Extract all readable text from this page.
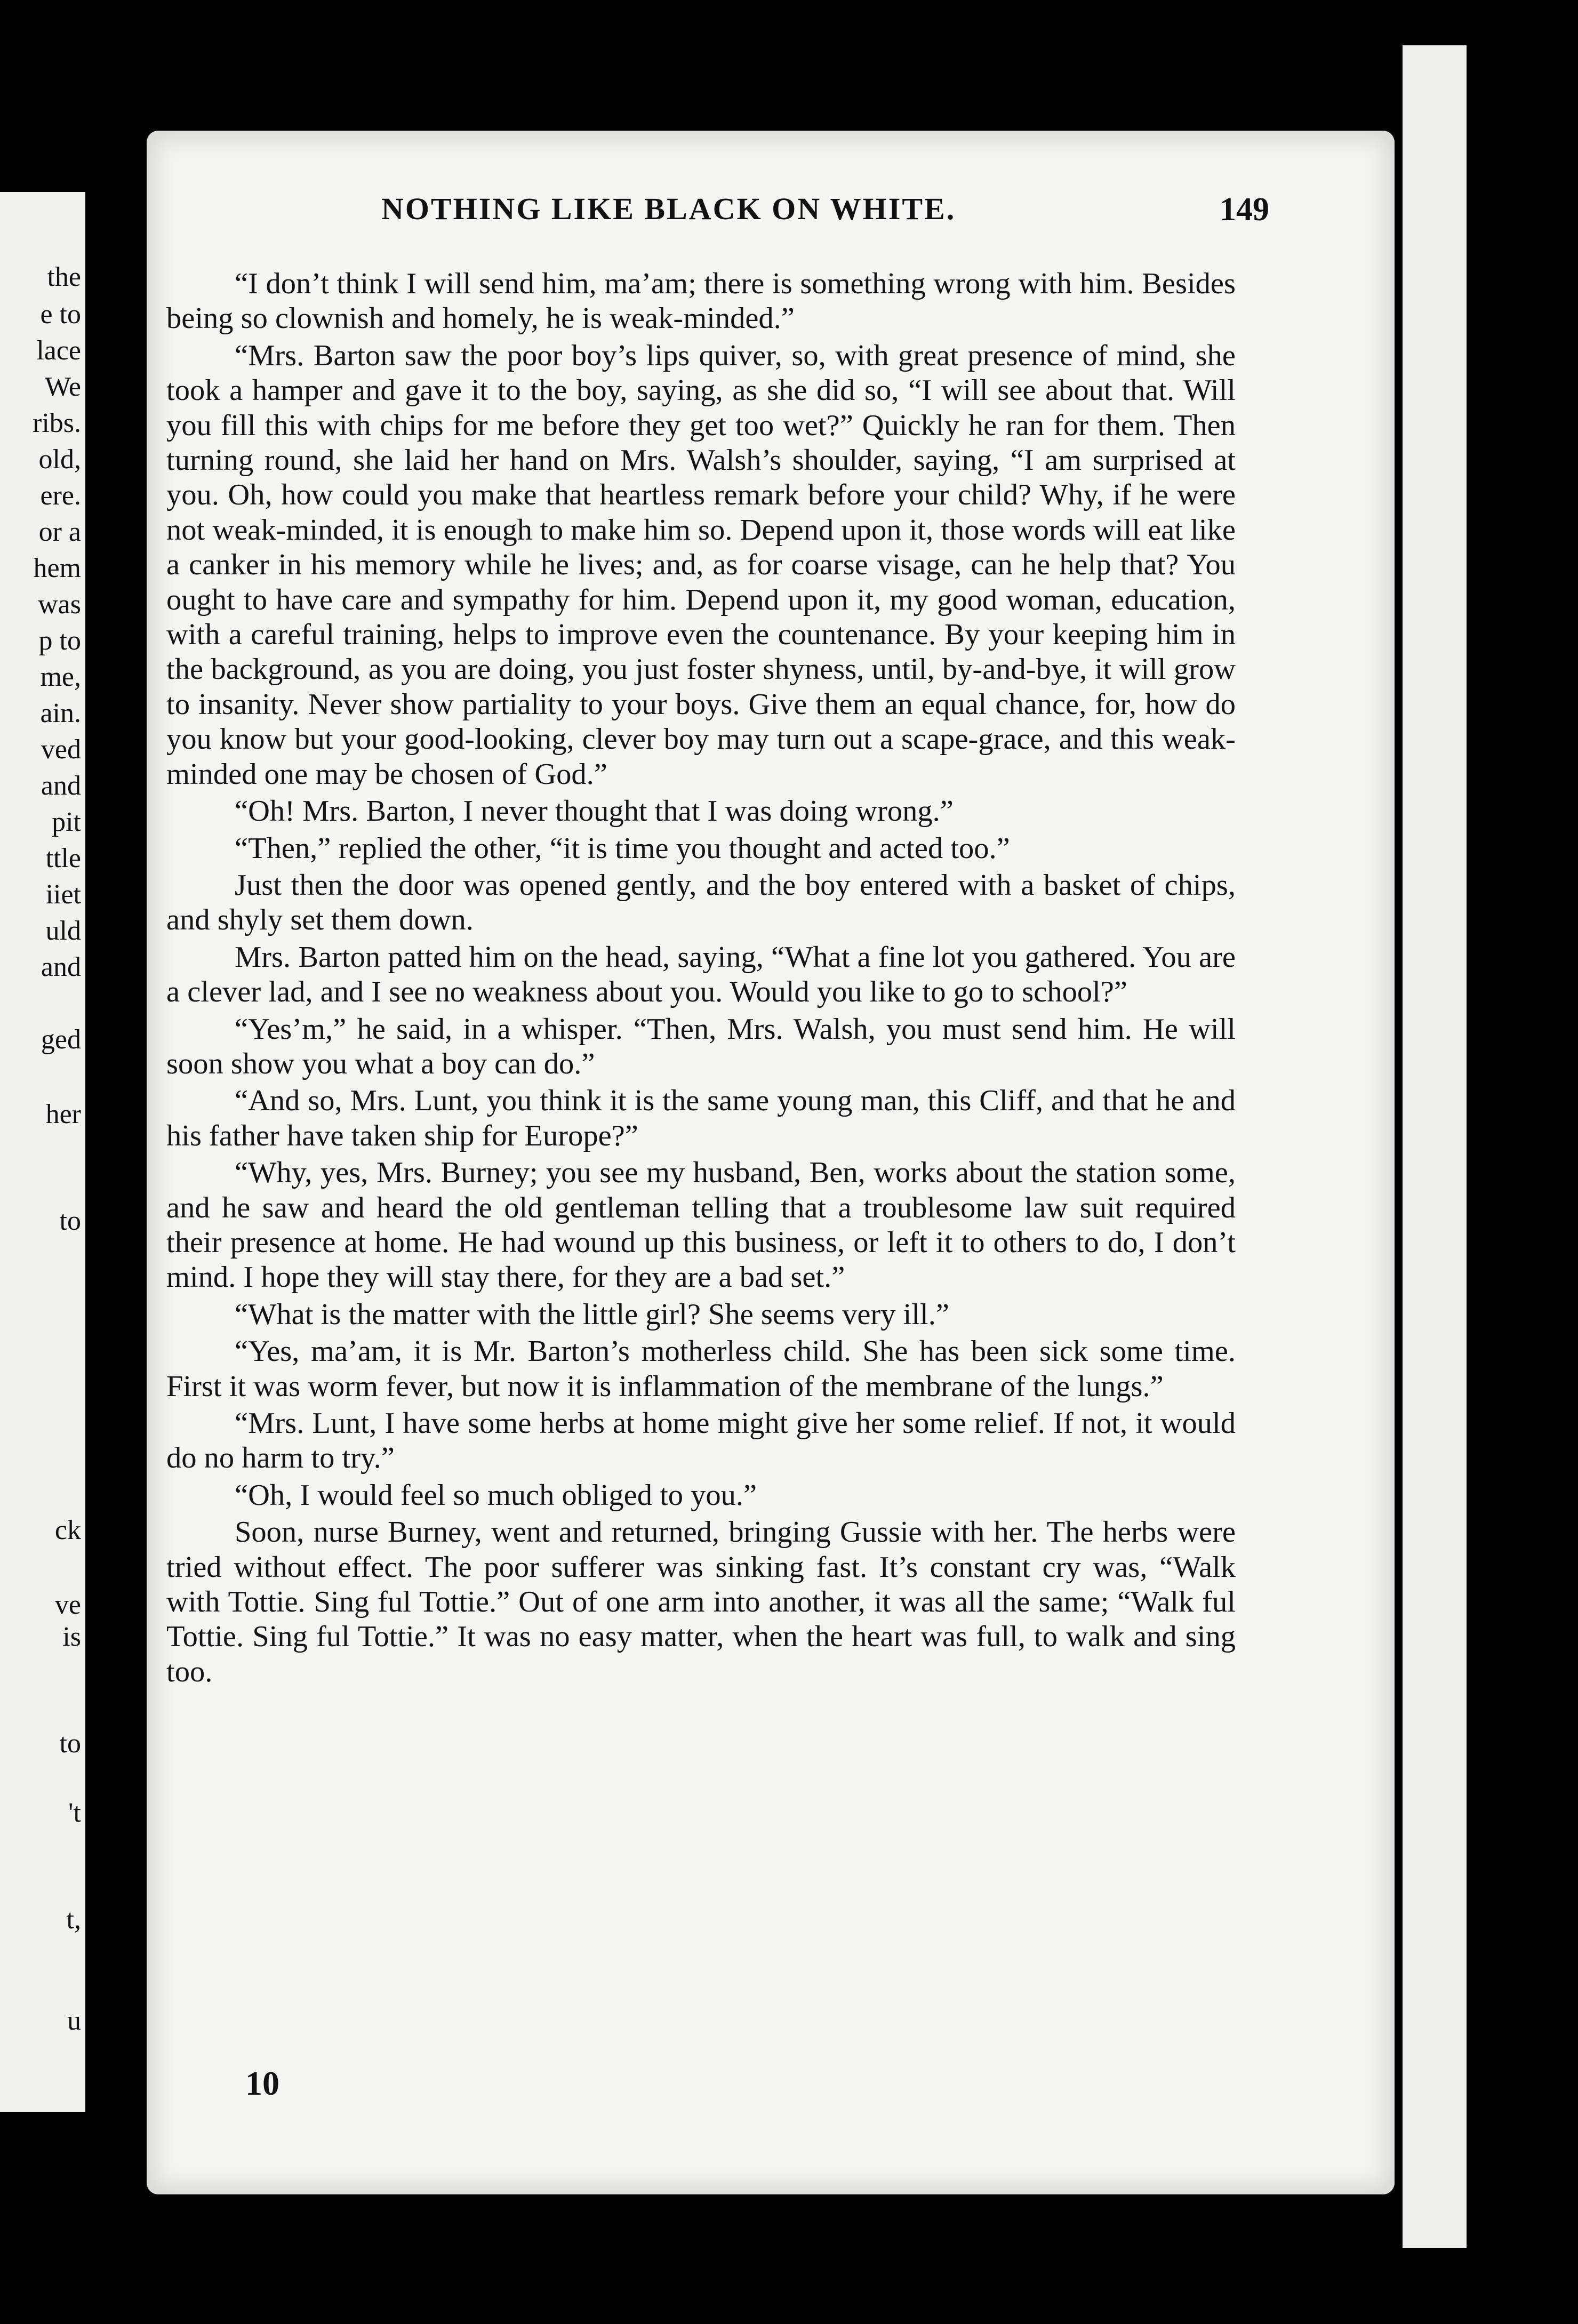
the
e to
lace
We
ribs.
old,
ere.
or a
hem
was
p to
me,
ain.
ved
and
pit
ttle
iiet
uld
and
ged
her
to
ck
ve
is
to
't
t,
u
NOTHING LIKE BLACK ON WHITE.	149

“I don’t think I will send him, ma’am; there is something wrong with him. Besides being so clownish and homely, he is weak-minded.”

“Mrs. Barton saw the poor boy’s lips quiver, so, with great presence of mind, she took a hamper and gave it to the boy, saying, as she did so, “I will see about that. Will you fill this with chips for me before they get too wet?” Quickly he ran for them. Then turning round, she laid her hand on Mrs. Walsh’s shoulder, saying, “I am surprised at you. Oh, how could you make that heartless remark before your child? Why, if he were not weak-minded, it is enough to make him so. Depend upon it, those words will eat like a canker in his memory while he lives; and, as for coarse visage, can he help that? You ought to have care and sympathy for him. Depend upon it, my good woman, education, with a careful training, helps to improve even the countenance. By your keeping him in the background, as you are doing, you just foster shyness, until, by-and-bye, it will grow to insanity. Never show partiality to your boys. Give them an equal chance, for, how do you know but your good-looking, clever boy may turn out a scape-grace, and this weak-minded one may be chosen of God.”

“Oh! Mrs. Barton, I never thought that I was doing wrong.”

“Then,” replied the other, “it is time you thought and acted too.”

Just then the door was opened gently, and the boy entered with a basket of chips, and shyly set them down.

Mrs. Barton patted him on the head, saying, “What a fine lot you gathered. You are a clever lad, and I see no weakness about you. Would you like to go to school?”

“Yes’m,” he said, in a whisper. “Then, Mrs. Walsh, you must send him. He will soon show you what a boy can do.”

“And so, Mrs. Lunt, you think it is the same young man, this Cliff, and that he and his father have taken ship for Europe?”

“Why, yes, Mrs. Burney; you see my husband, Ben, works about the station some, and he saw and heard the old gentleman telling that a troublesome law suit required their presence at home. He had wound up this business, or left it to others to do, I don’t mind. I hope they will stay there, for they are a bad set.”

“What is the matter with the little girl? She seems very ill.”

“Yes, ma’am, it is Mr. Barton’s motherless child. She has been sick some time. First it was worm fever, but now it is inflammation of the membrane of the lungs.”

“Mrs. Lunt, I have some herbs at home might give her some relief. If not, it would do no harm to try.”

“Oh, I would feel so much obliged to you.”

Soon, nurse Burney, went and returned, bringing Gussie with her. The herbs were tried without effect. The poor sufferer was sinking fast. It’s constant cry was, “Walk with Tottie. Sing ful Tottie.” Out of one arm into another, it was all the same; “Walk ful Tottie. Sing ful Tottie.” It was no easy matter, when the heart was full, to walk and sing too.

10
